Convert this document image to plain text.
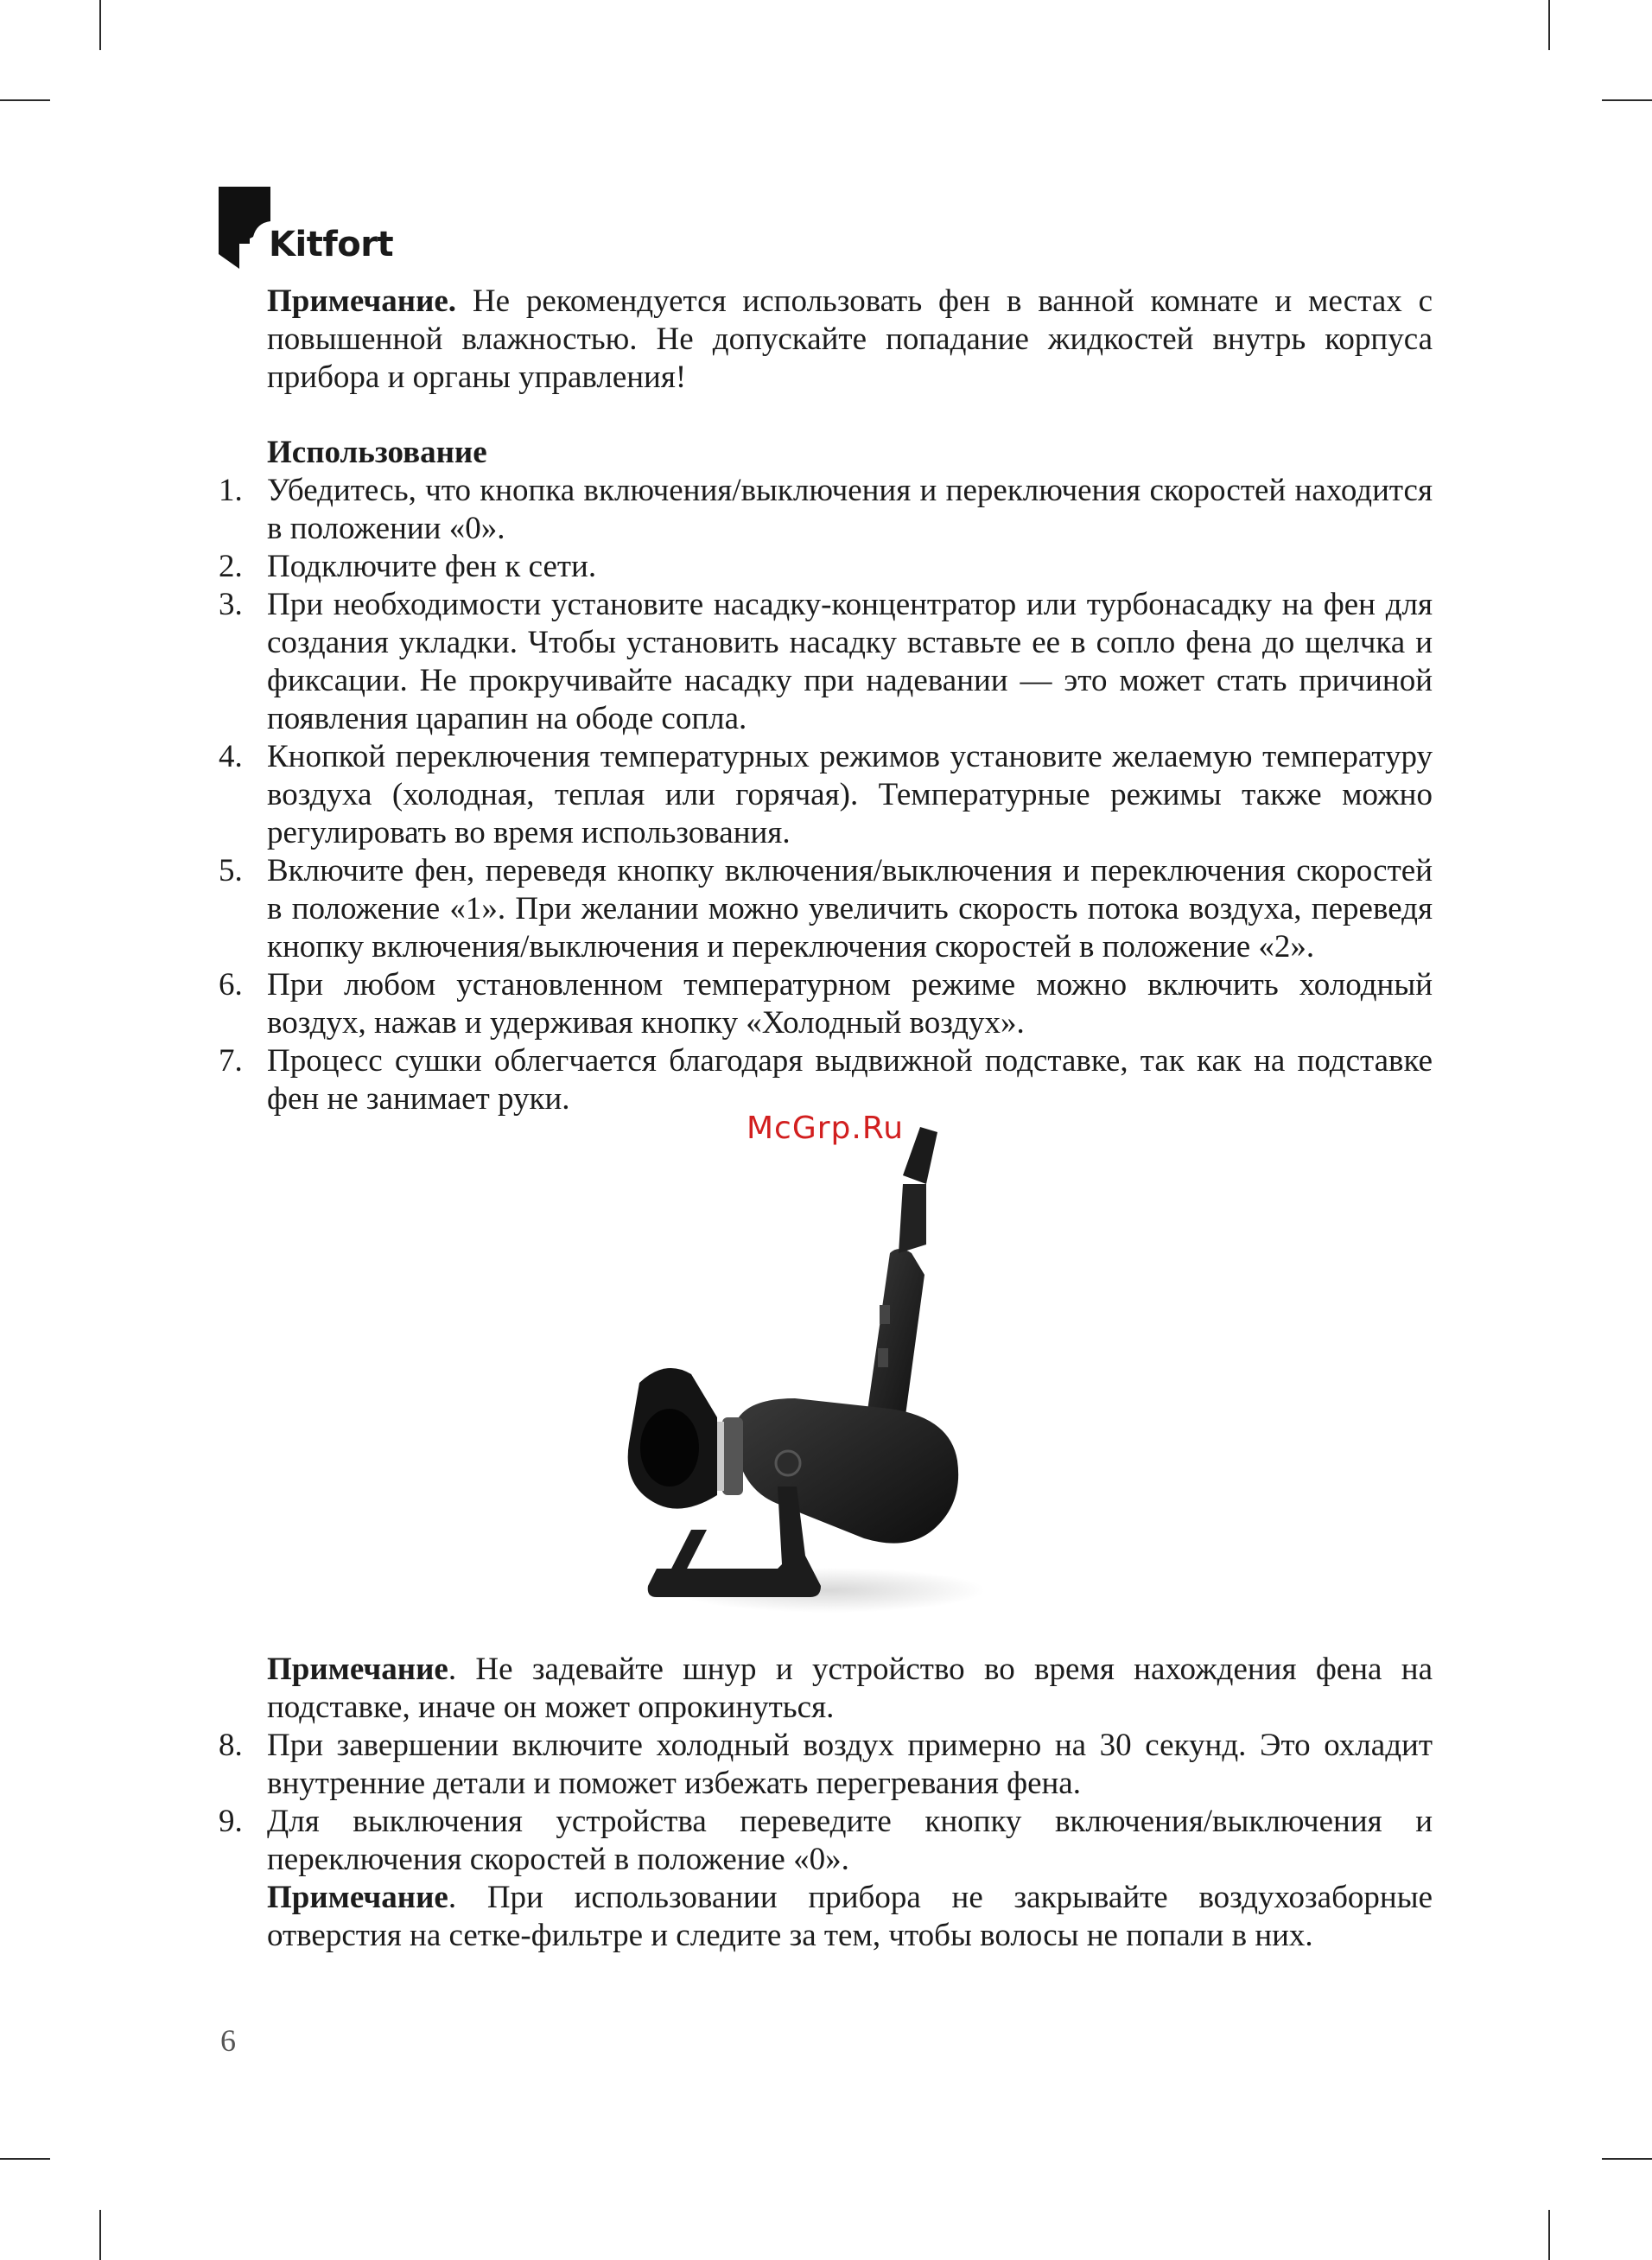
Kitfort
Примечание. Не рекомендуется использовать фен в ванной комнате и местах с повышенной влажностью. Не допускайте попадание жидкостей внутрь корпуса прибора и органы управления!
Использование
1. Убедитесь, что кнопка включения/выключения и переключения скоростей находится в положении «0».
2. Подключите фен к сети.
3. При необходимости установите насадку-концентратор или турбонасадку на фен для создания укладки. Чтобы установить насадку вставьте ее в сопло фена до щелчка и фиксации. Не прокручивайте насадку при надевании — это может стать причиной появления царапин на ободе сопла.
4. Кнопкой переключения температурных режимов установите желаемую температуру воздуха (холодная, теплая или горячая). Температурные режимы также можно регулировать во время использования.
5. Включите фен, переведя кнопку включения/выключения и переключения скоростей в положение «1». При желании можно увеличить скорость потока воздуха, переведя кнопку включения/выключения и переключения скоростей в положение «2».
6. При любом установленном температурном режиме можно включить холодный воздух, нажав и удерживая кнопку «Холодный воздух».
7. Процесс сушки облегчается благодаря выдвижной подставке, так как на подставке фен не занимает руки.
McGrp.Ru
Примечание. Не задевайте шнур и устройство во время нахождения фена на подставке, иначе он может опрокинуться.
8. При завершении включите холодный воздух примерно на 30 секунд. Это охладит внутренние детали и поможет избежать перегревания фена.
9. Для выключения устройства переведите кнопку включения/выключения и переключения скоростей в положение «0».
Примечание. При использовании прибора не закрывайте воздухозаборные отверстия на сетке-фильтре и следите за тем, чтобы волосы не попали в них.
6
